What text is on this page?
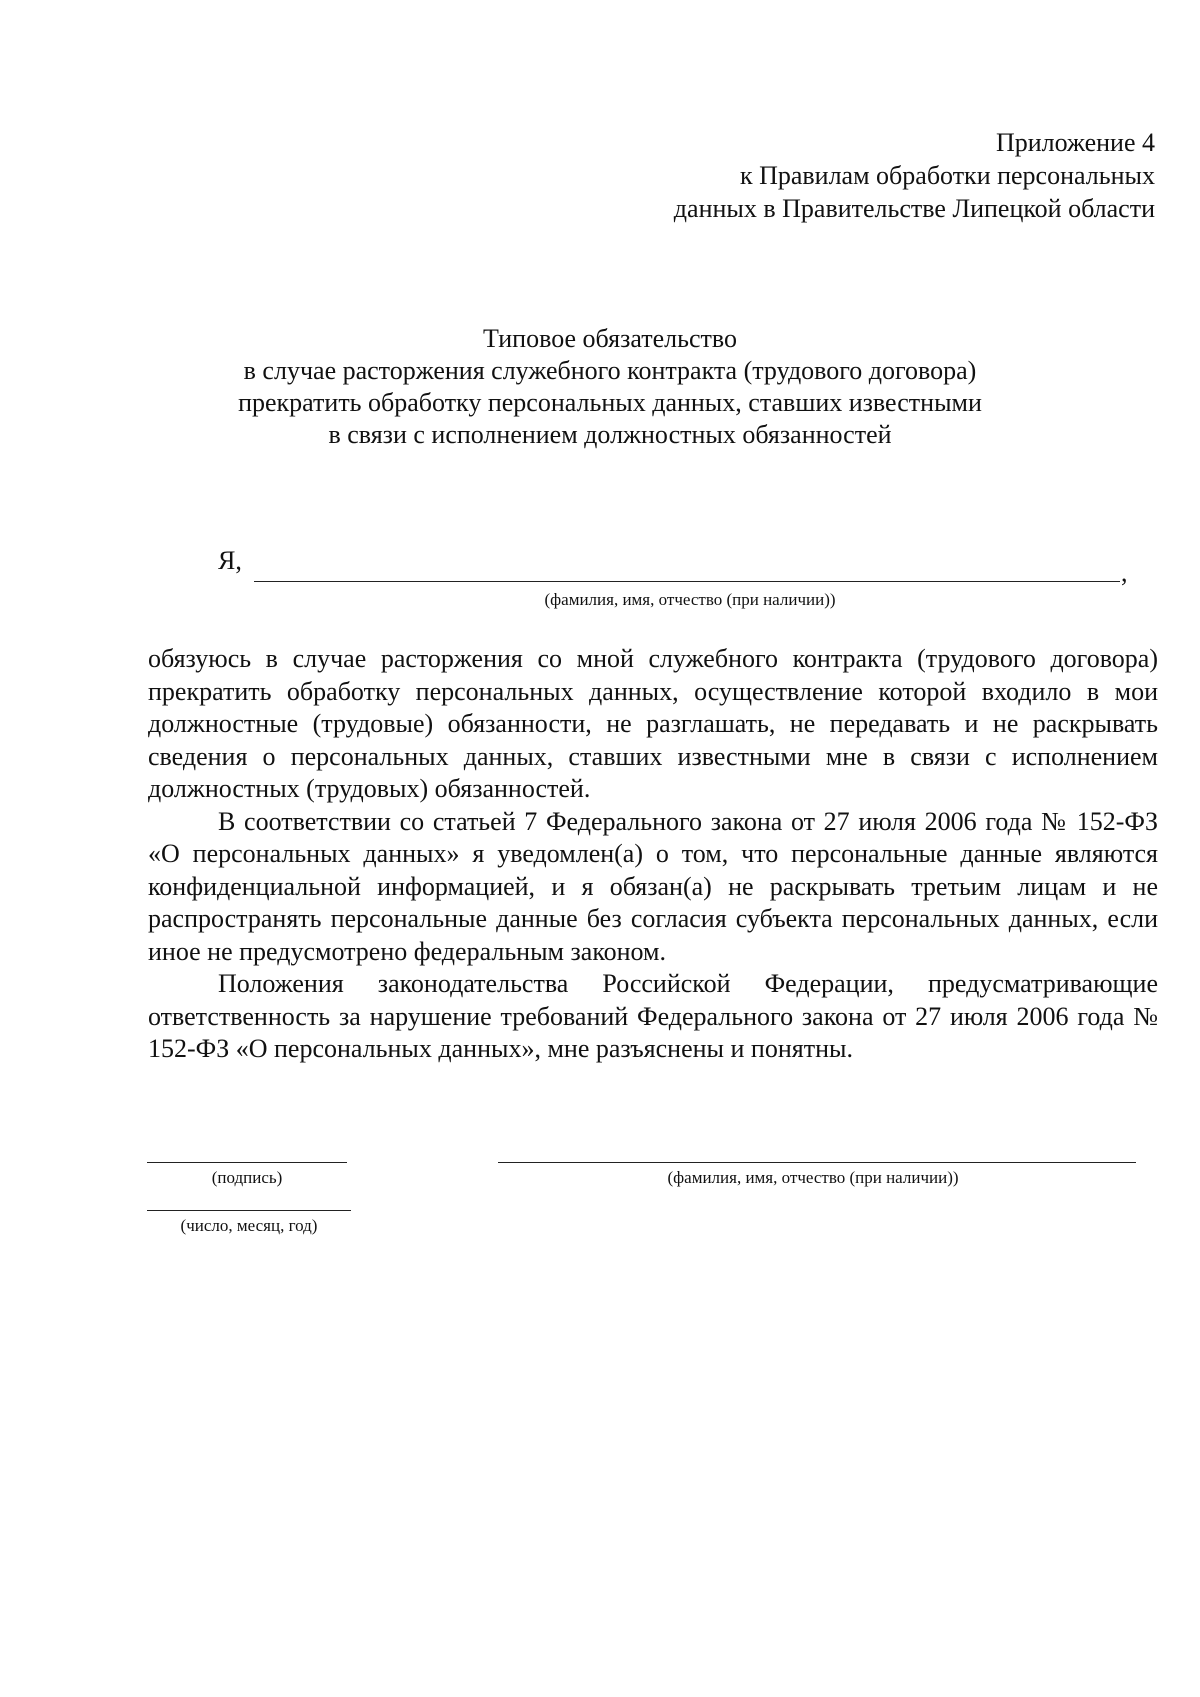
Приложение 4
к Правилам обработки персональных
данных в Правительстве Липецкой области
Типовое обязательство
в случае расторжения служебного контракта (трудового договора)
прекратить обработку персональных данных, ставших известными
в связи с исполнением должностных обязанностей
Я,	,
(фамилия, имя, отчество (при наличии))

обязуюсь в случае расторжения со мной служебного контракта (трудового договора) прекратить обработку персональных данных, осуществление которой входило в мои должностные (трудовые) обязанности, не разглашать, не передавать и не раскрывать сведения о персональных данных, ставших известными мне в связи с исполнением должностных (трудовых) обязанностей.

В соответствии со статьей 7 Федерального закона от 27 июля 2006 года № 152-ФЗ «О персональных данных» я уведомлен(а) о том, что персональные данные являются конфиденциальной информацией, и я обязан(а) не раскрывать третьим лицам и не распространять персональные данные без согласия субъекта персональных данных, если иное не предусмотрено федеральным законом.

Положения законодательства Российской Федерации, предусматривающие ответственность за нарушение требований Федерального закона от 27 июля 2006 года № 152-ФЗ «О персональных данных», мне разъяснены и понятны.

(подпись)	(фамилия, имя, отчество (при наличии))
(число, месяц, год)
